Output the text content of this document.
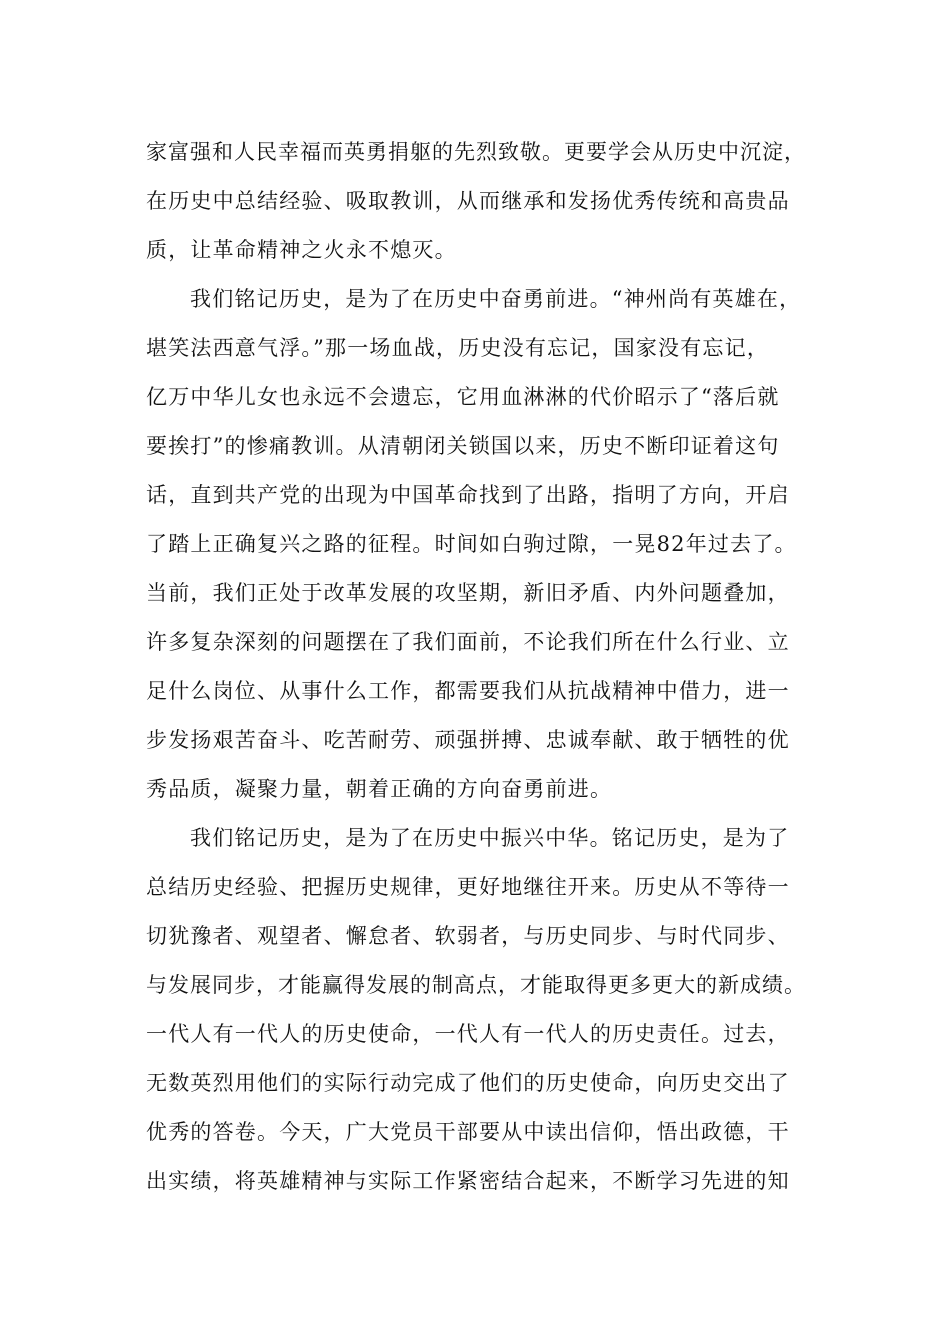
家富强和人民幸福而英勇捐躯的先烈致敬。更要学会从历史中沉淀，
在历史中总结经验、吸取教训，从而继承和发扬优秀传统和高贵品
质，让革命精神之火永不熄灭。
我们铭记历史，是为了在历史中奋勇前进。“神州尚有英雄在，
堪笑法西意气浮。”那一场血战，历史没有忘记，国家没有忘记，
亿万中华儿女也永远不会遗忘，它用血淋淋的代价昭示了“落后就
要挨打”的惨痛教训。从清朝闭关锁国以来，历史不断印证着这句
话，直到共产党的出现为中国革命找到了出路，指明了方向，开启
了踏上正确复兴之路的征程。时间如白驹过隙，一晃82年过去了。
当前，我们正处于改革发展的攻坚期，新旧矛盾、内外问题叠加，
许多复杂深刻的问题摆在了我们面前，不论我们所在什么行业、立
足什么岗位、从事什么工作，都需要我们从抗战精神中借力，进一
步发扬艰苦奋斗、吃苦耐劳、顽强拼搏、忠诚奉献、敢于牺牲的优
秀品质，凝聚力量，朝着正确的方向奋勇前进。
我们铭记历史，是为了在历史中振兴中华。铭记历史，是为了
总结历史经验、把握历史规律，更好地继往开来。历史从不等待一
切犹豫者、观望者、懈怠者、软弱者，与历史同步、与时代同步、
与发展同步，才能赢得发展的制高点，才能取得更多更大的新成绩。
一代人有一代人的历史使命，一代人有一代人的历史责任。过去，
无数英烈用他们的实际行动完成了他们的历史使命，向历史交出了
优秀的答卷。今天，广大党员干部要从中读出信仰，悟出政德，干
出实绩，将英雄精神与实际工作紧密结合起来，不断学习先进的知
